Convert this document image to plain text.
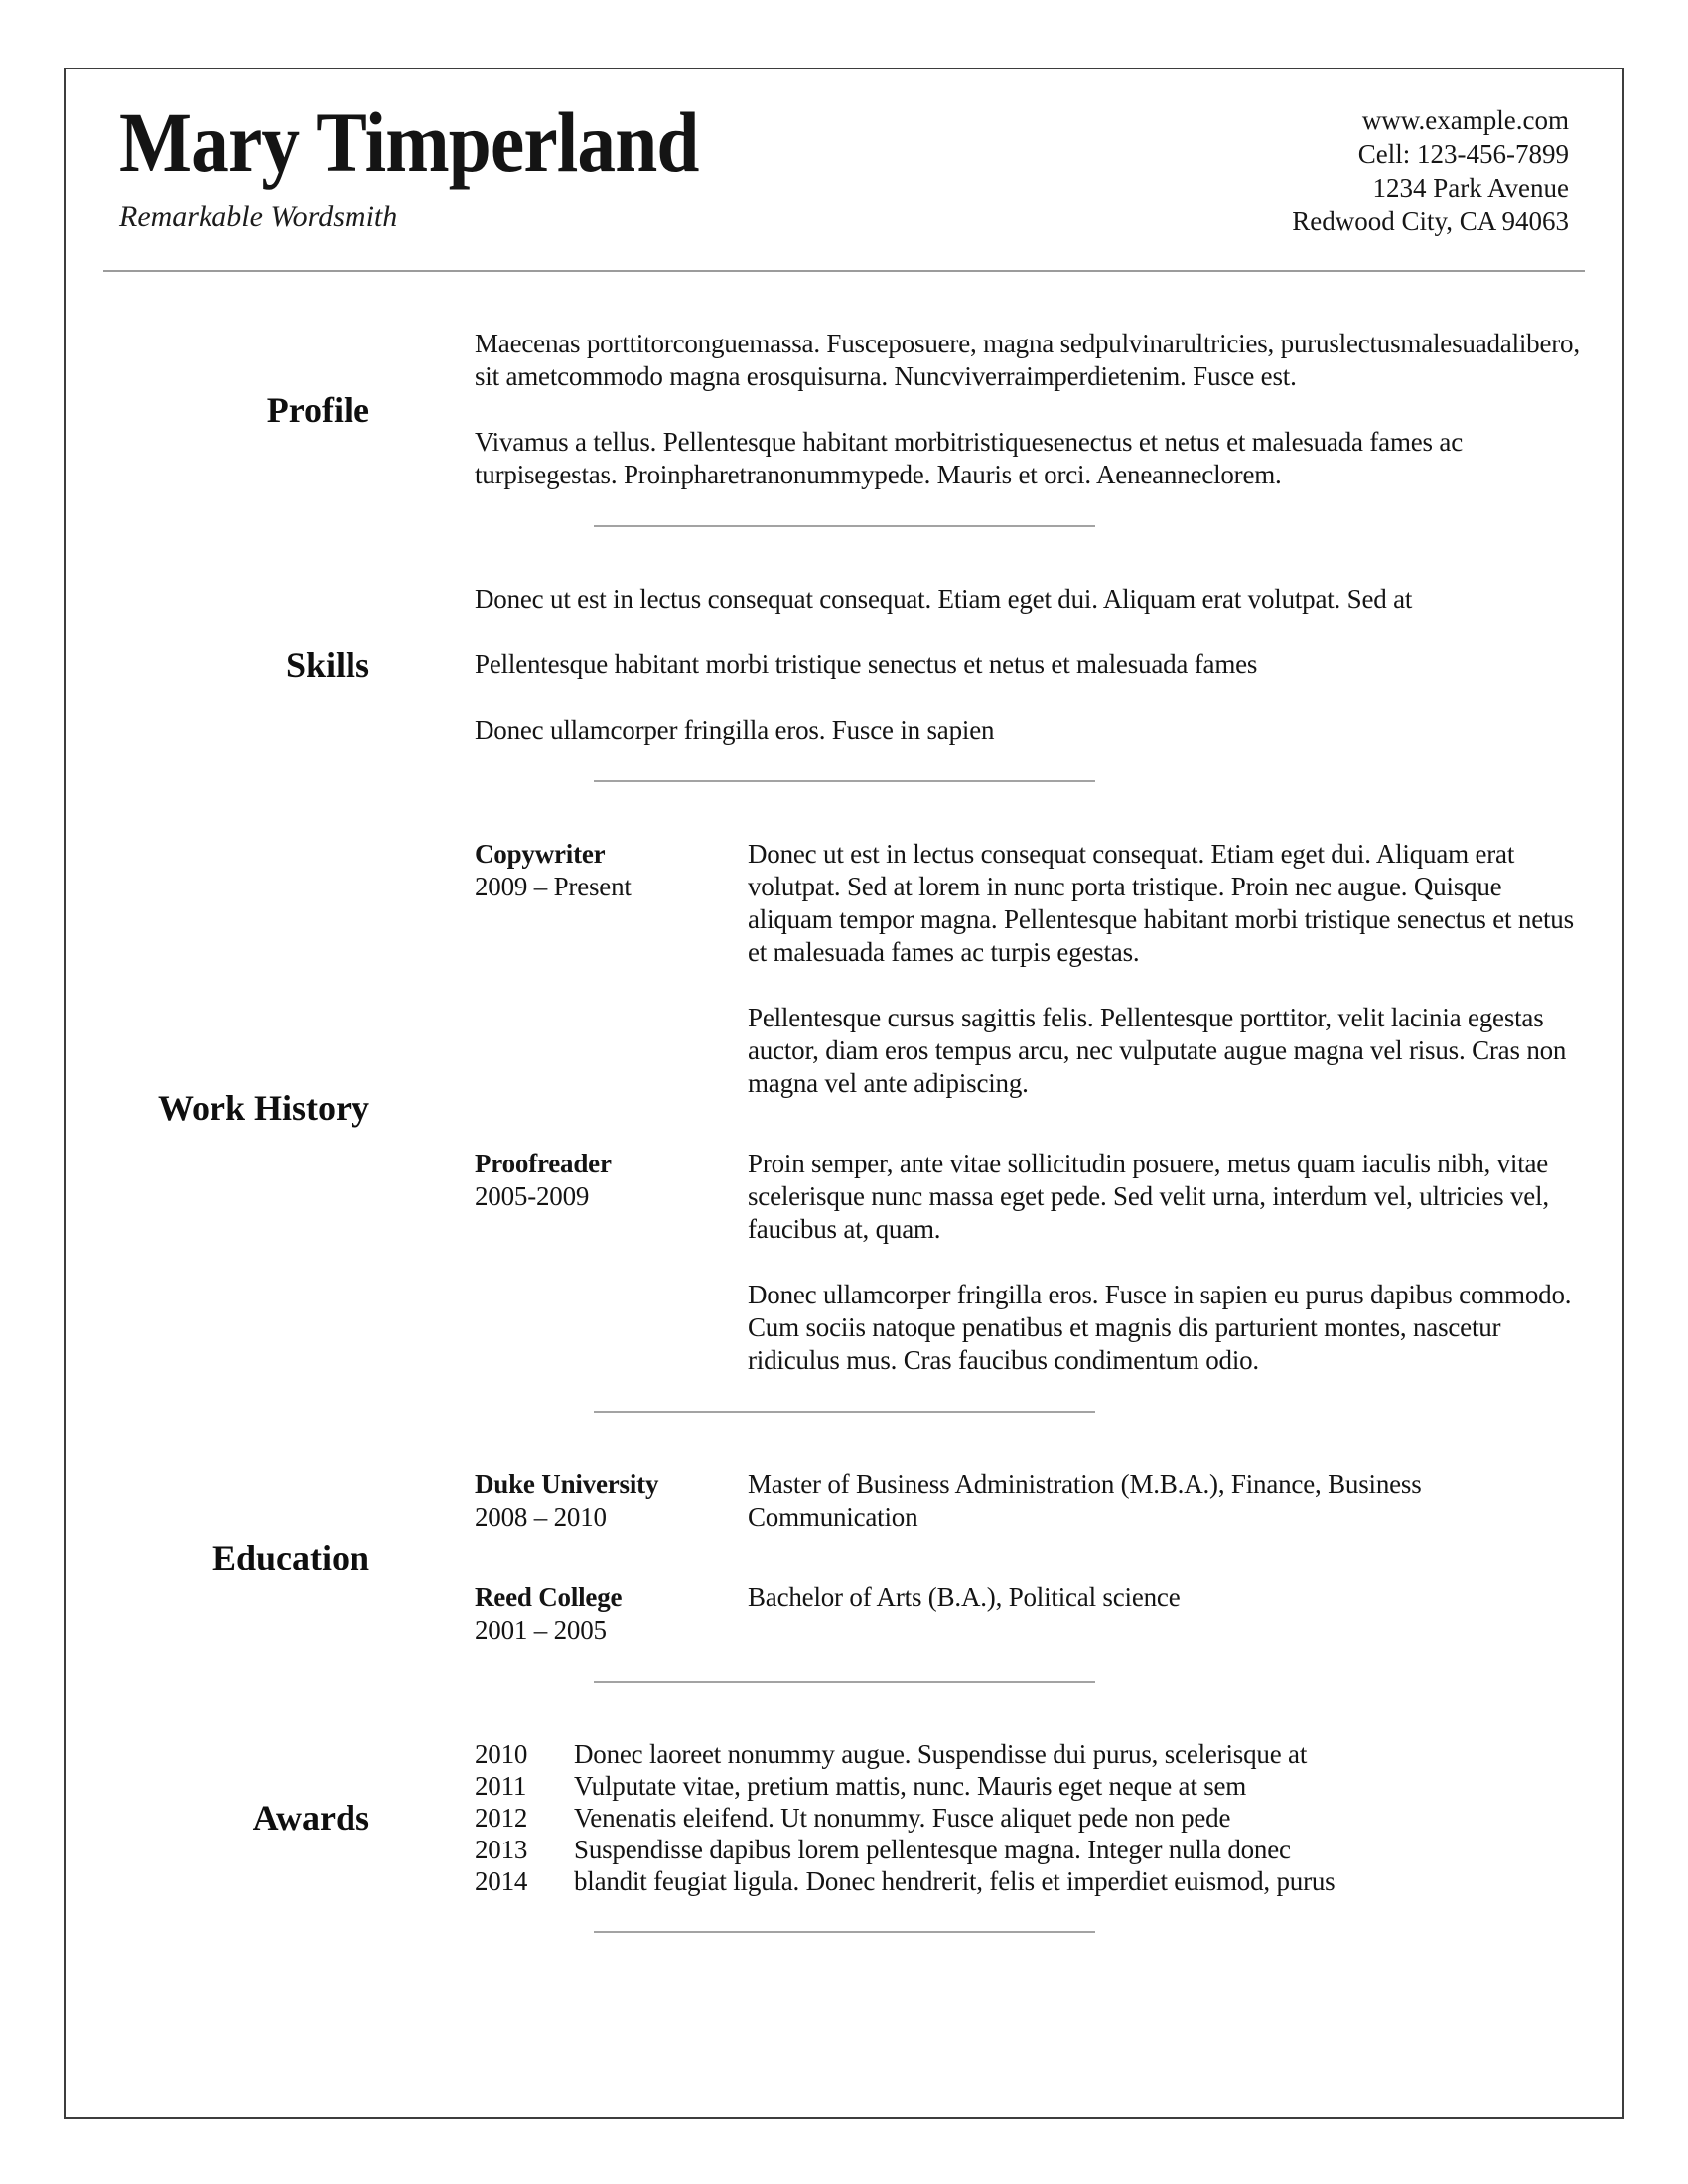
Mary Timperland
Remarkable Wordsmith
www.example.com
Cell: 123-456-7899
1234 Park Avenue
Redwood City, CA 94063
Profile

Maecenas porttitorconguemassa. Fusceposuere, magna sedpulvinarultricies, puruslectusmalesuadalibero, sit ametcommodo magna erosquisurna. Nuncviverraimperdietenim. Fusce est.

Vivamus a tellus. Pellentesque habitant morbitristiquesenectus et netus et malesuada fames ac turpisegestas. Proinpharetranonummypede. Mauris et orci. Aeneanneclorem.

Skills

Donec ut est in lectus consequat consequat. Etiam eget dui. Aliquam erat volutpat. Sed at

Pellentesque habitant morbi tristique senectus et netus et malesuada fames

Donec ullamcorper fringilla eros. Fusce in sapien

Work History
Copywriter
2009 – Present

Donec ut est in lectus consequat consequat. Etiam eget dui. Aliquam erat volutpat. Sed at lorem in nunc porta tristique. Proin nec augue. Quisque aliquam tempor magna. Pellentesque habitant morbi tristique senectus et netus et malesuada fames ac turpis egestas.

Pellentesque cursus sagittis felis. Pellentesque porttitor, velit lacinia egestas auctor, diam eros tempus arcu, nec vulputate augue magna vel risus. Cras non magna vel ante adipiscing.

Proofreader
2005-2009

Proin semper, ante vitae sollicitudin posuere, metus quam iaculis nibh, vitae scelerisque nunc massa eget pede. Sed velit urna, interdum vel, ultricies vel, faucibus at, quam.

Donec ullamcorper fringilla eros. Fusce in sapien eu purus dapibus commodo. Cum sociis natoque penatibus et magnis dis parturient montes, nascetur ridiculus mus. Cras faucibus condimentum odio.

Education
Duke University
2008 – 2010

Master of Business Administration (M.B.A.), Finance, Business Communication

Reed College
2001 – 2005

Bachelor of Arts (B.A.), Political science

Awards
2010	Donec laoreet nonummy augue. Suspendisse dui purus, scelerisque at
2011	Vulputate vitae, pretium mattis, nunc. Mauris eget neque at sem
2012	Venenatis eleifend. Ut nonummy. Fusce aliquet pede non pede
2013	Suspendisse dapibus lorem pellentesque magna. Integer nulla donec
2014	blandit feugiat ligula. Donec hendrerit, felis et imperdiet euismod, purus
